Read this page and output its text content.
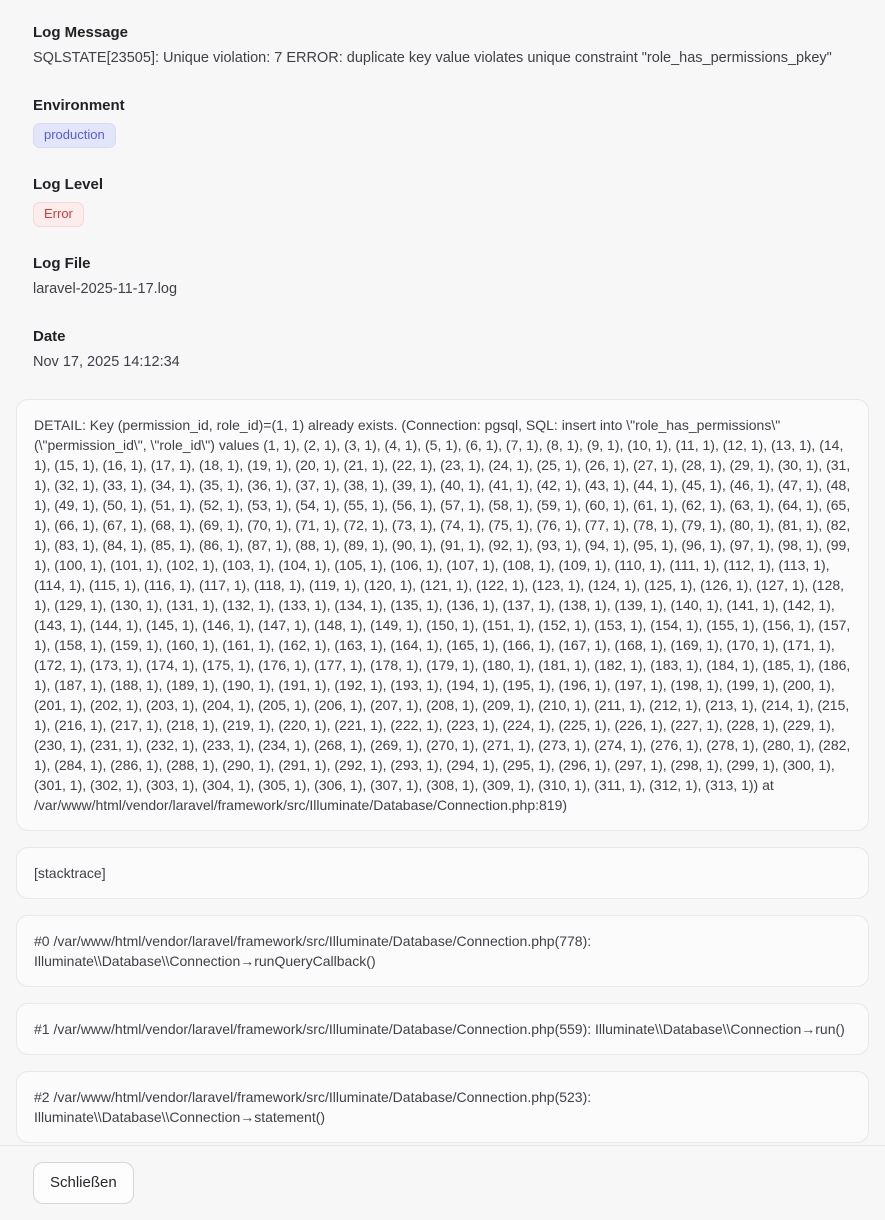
Log Message

SQLSTATE[23505]: Unique violation: 7 ERROR: duplicate key value violates unique constraint "role_has_permissions_pkey"

Environment
production
Log Level
Error
Log File

laravel-2025-11-17.log

Date

Nov 17, 2025 14:12:34

DETAIL: Key (permission_id, role_id)=(1, 1) already exists. (Connection: pgsql, SQL: insert into \"role_has_permissions\" (\"permission_id\", \"role_id\") values (1, 1), (2, 1), (3, 1), (4, 1), (5, 1), (6, 1), (7, 1), (8, 1), (9, 1), (10, 1), (11, 1), (12, 1), (13, 1), (14, 1), (15, 1), (16, 1), (17, 1), (18, 1), (19, 1), (20, 1), (21, 1), (22, 1), (23, 1), (24, 1), (25, 1), (26, 1), (27, 1), (28, 1), (29, 1), (30, 1), (31, 1), (32, 1), (33, 1), (34, 1), (35, 1), (36, 1), (37, 1), (38, 1), (39, 1), (40, 1), (41, 1), (42, 1), (43, 1), (44, 1), (45, 1), (46, 1), (47, 1), (48, 1), (49, 1), (50, 1), (51, 1), (52, 1), (53, 1), (54, 1), (55, 1), (56, 1), (57, 1), (58, 1), (59, 1), (60, 1), (61, 1), (62, 1), (63, 1), (64, 1), (65, 1), (66, 1), (67, 1), (68, 1), (69, 1), (70, 1), (71, 1), (72, 1), (73, 1), (74, 1), (75, 1), (76, 1), (77, 1), (78, 1), (79, 1), (80, 1), (81, 1), (82, 1), (83, 1), (84, 1), (85, 1), (86, 1), (87, 1), (88, 1), (89, 1), (90, 1), (91, 1), (92, 1), (93, 1), (94, 1), (95, 1), (96, 1), (97, 1), (98, 1), (99, 1), (100, 1), (101, 1), (102, 1), (103, 1), (104, 1), (105, 1), (106, 1), (107, 1), (108, 1), (109, 1), (110, 1), (111, 1), (112, 1), (113, 1), (114, 1), (115, 1), (116, 1), (117, 1), (118, 1), (119, 1), (120, 1), (121, 1), (122, 1), (123, 1), (124, 1), (125, 1), (126, 1), (127, 1), (128, 1), (129, 1), (130, 1), (131, 1), (132, 1), (133, 1), (134, 1), (135, 1), (136, 1), (137, 1), (138, 1), (139, 1), (140, 1), (141, 1), (142, 1), (143, 1), (144, 1), (145, 1), (146, 1), (147, 1), (148, 1), (149, 1), (150, 1), (151, 1), (152, 1), (153, 1), (154, 1), (155, 1), (156, 1), (157, 1), (158, 1), (159, 1), (160, 1), (161, 1), (162, 1), (163, 1), (164, 1), (165, 1), (166, 1), (167, 1), (168, 1), (169, 1), (170, 1), (171, 1), (172, 1), (173, 1), (174, 1), (175, 1), (176, 1), (177, 1), (178, 1), (179, 1), (180, 1), (181, 1), (182, 1), (183, 1), (184, 1), (185, 1), (186, 1), (187, 1), (188, 1), (189, 1), (190, 1), (191, 1), (192, 1), (193, 1), (194, 1), (195, 1), (196, 1), (197, 1), (198, 1), (199, 1), (200, 1), (201, 1), (202, 1), (203, 1), (204, 1), (205, 1), (206, 1), (207, 1), (208, 1), (209, 1), (210, 1), (211, 1), (212, 1), (213, 1), (214, 1), (215, 1), (216, 1), (217, 1), (218, 1), (219, 1), (220, 1), (221, 1), (222, 1), (223, 1), (224, 1), (225, 1), (226, 1), (227, 1), (228, 1), (229, 1), (230, 1), (231, 1), (232, 1), (233, 1), (234, 1), (268, 1), (269, 1), (270, 1), (271, 1), (273, 1), (274, 1), (276, 1), (278, 1), (280, 1), (282, 1), (284, 1), (286, 1), (288, 1), (290, 1), (291, 1), (292, 1), (293, 1), (294, 1), (295, 1), (296, 1), (297, 1), (298, 1), (299, 1), (300, 1), (301, 1), (302, 1), (303, 1), (304, 1), (305, 1), (306, 1), (307, 1), (308, 1), (309, 1), (310, 1), (311, 1), (312, 1), (313, 1)) at /var/www/html/vendor/laravel/framework/src/Illuminate/Database/Connection.php:819)
[stacktrace]
#0 /var/www/html/vendor/laravel/framework/src/Illuminate/Database/Connection.php(778): Illuminate\\Database\\Connection→runQueryCallback()
#1 /var/www/html/vendor/laravel/framework/src/Illuminate/Database/Connection.php(559): Illuminate\\Database\\Connection→run()
#2 /var/www/html/vendor/laravel/framework/src/Illuminate/Database/Connection.php(523): Illuminate\\Database\\Connection→statement()
Schließen
